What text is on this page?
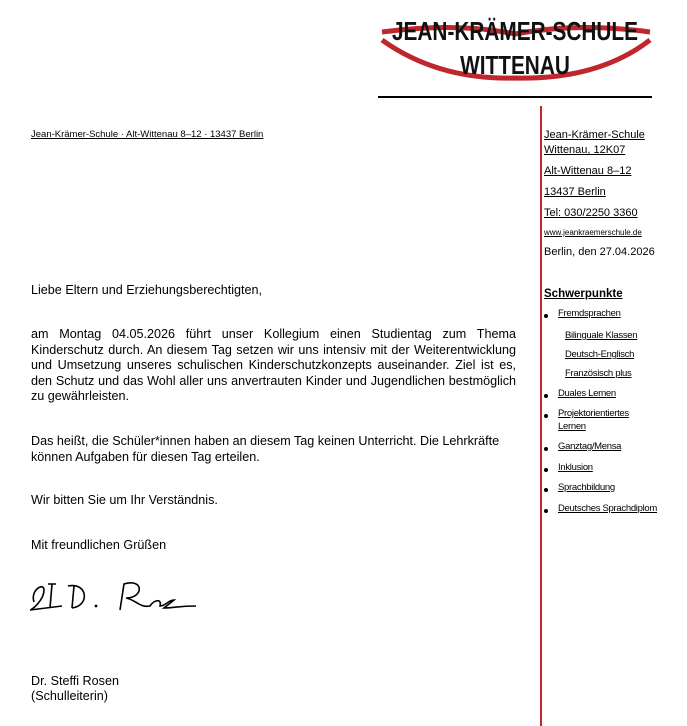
JEAN-KRÄMER-SCHULE
WITTENAU
Jean-Krämer-Schule · Alt-Wittenau 8–12 · 13437 Berlin	Jean-Krämer-Schule
Wittenau, 12K07
Alt-Wittenau 8–12
13437 Berlin
Tel: 030/2250 3360
www.jeankraemerschule.de
Berlin, den 27.04.2026
Schwerpunkte
Fremdsprachen
Bilinguale Klassen
Deutsch-Englisch
Französisch plus
Duales Lernen
Projektorientiertes
Lernen
Ganztag/Mensa
Inklusion
Sprachbildung
Deutsches Sprachdiplom
Liebe Eltern und Erziehungsberechtigten,
am Montag 04.05.2026 führt unser Kollegium einen Studientag zum Thema Kinderschutz durch. An diesem Tag setzen wir uns intensiv mit der Weiterentwicklung und Umsetzung unseres schulischen Kinderschutzkonzepts auseinander. Ziel ist es, den Schutz und das Wohl aller uns anvertrauten Kinder und Jugendlichen bestmöglich zu gewährleisten.
Das heißt, die Schüler*innen haben an diesem Tag keinen Unterricht. Die Lehrkräfte können Aufgaben für diesen Tag erteilen.
Wir bitten Sie um Ihr Verständnis.
Mit freundlichen Grüßen
Dr. Steffi Rosen
(Schulleiterin)
